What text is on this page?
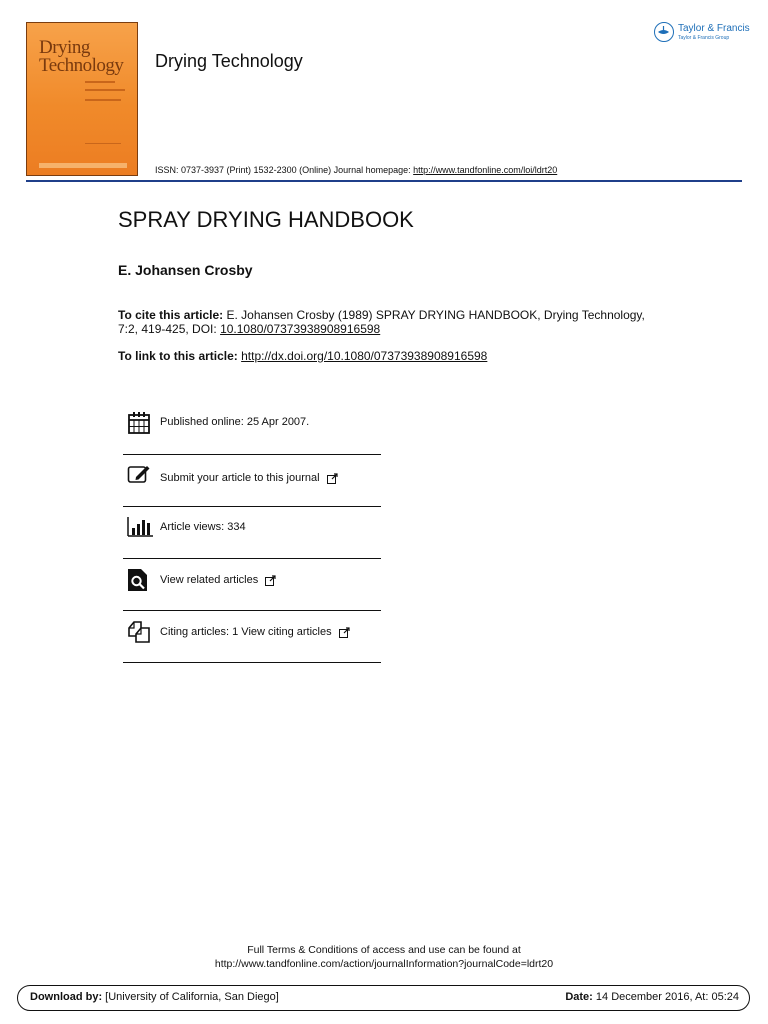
Drying
Technology Drying Technology
Taylor & Francis
Taylor & Francis Group
ISSN: 0737-3937 (Print) 1532-2300 (Online) Journal homepage: http://www.tandfonline.com/loi/ldrt20
SPRAY DRYING HANDBOOK
E. Johansen Crosby
To cite this article: E. Johansen Crosby (1989) SPRAY DRYING HANDBOOK, Drying Technology, 7:2, 419-425, DOI: 10.1080/07373938908916598
To link to this article: http://dx.doi.org/10.1080/07373938908916598
Published online: 25 Apr 2007.
Submit your article to this journal
Article views: 334
View related articles
Citing articles: 1 View citing articles
Full Terms & Conditions of access and use can be found at
http://www.tandfonline.com/action/journalInformation?journalCode=ldrt20
Download by: [University of California, San Diego]	Date: 14 December 2016, At: 05:24
